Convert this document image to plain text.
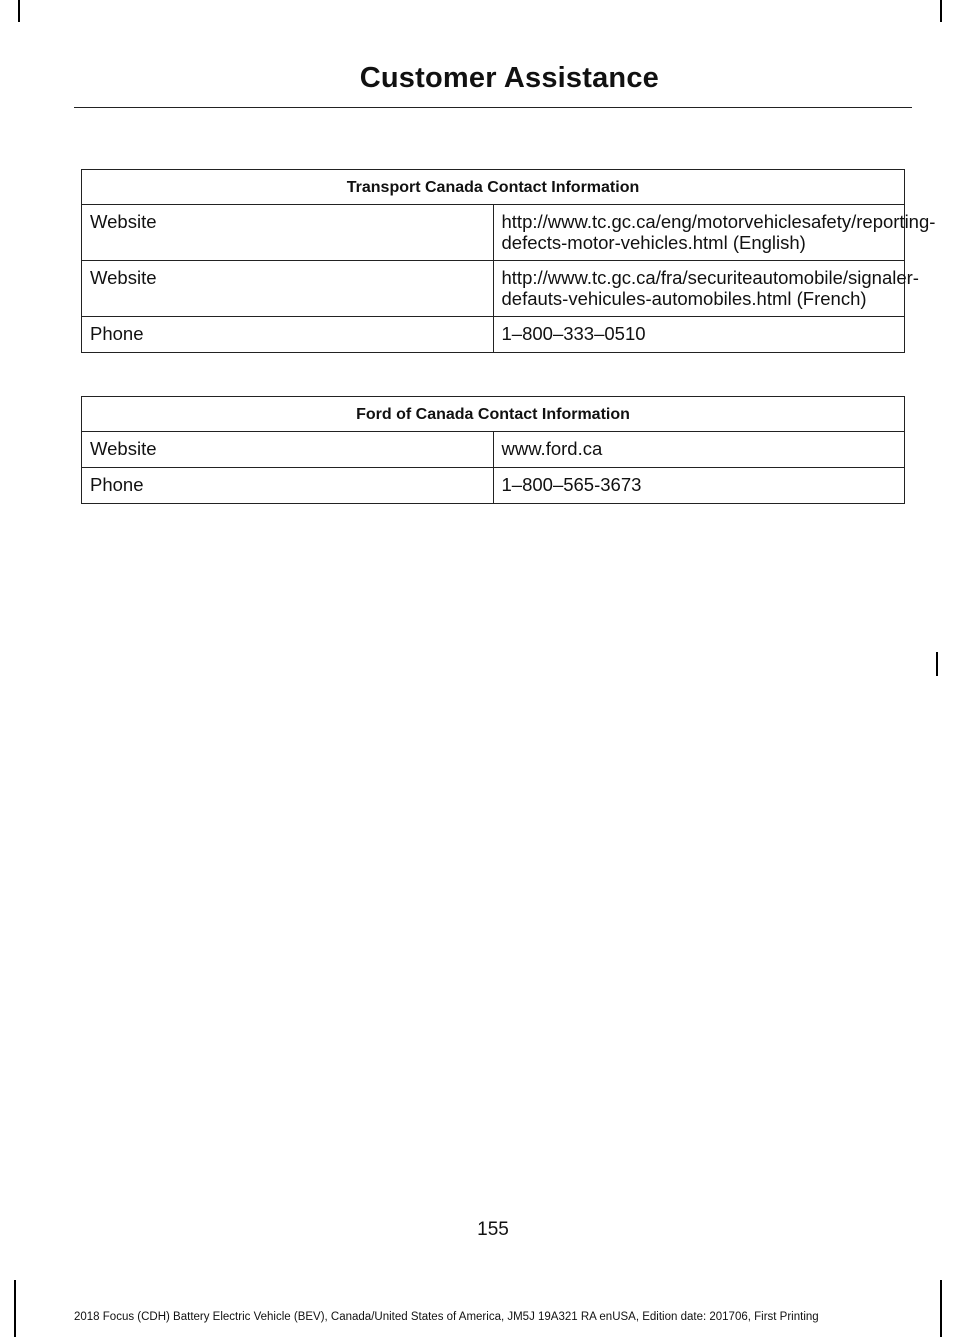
Customer Assistance
Transport Canada Contact Information	
Website	http://www.tc.gc.ca/eng/motorvehiclesafety/reporting-defects-motor-vehicles.html (English)
Website	http://www.tc.gc.ca/fra/securiteautomobile/signaler-defauts-vehicules-automobiles.html (French)
Phone	1–800–333–0510
Ford of Canada Contact Information	
Website	www.ford.ca
Phone	1–800–565-3673
155
2018 Focus (CDH) Battery Electric Vehicle (BEV), Canada/United States of America, JM5J 19A321 RA enUSA, Edition date: 201706, First Printing
